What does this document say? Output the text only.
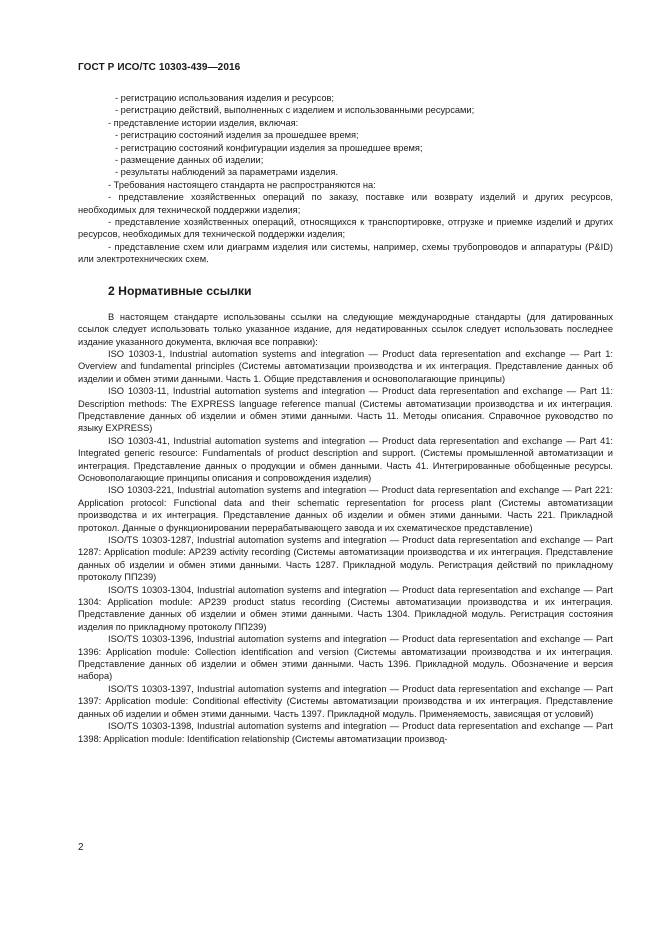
ГОСТ Р ИСО/ТС 10303-439—2016

- регистрацию использования изделия и ресурсов;

- регистрацию действий, выполненных с изделием и использованными ресурсами;

- представление истории изделия, включая:

- регистрацию состояний изделия за прошедшее время;

- регистрацию состояний конфигурации изделия за прошедшее время;

- размещение данных об изделии;

- результаты наблюдений за параметрами изделия.

- Требования настоящего стандарта не распространяются на:

- представление хозяйственных операций по заказу, поставке или возврату изделий и других ресурсов, необходимых для технической поддержки изделия;

- представление хозяйственных операций, относящихся к транспортировке, отгрузке и приемке изделий и других ресурсов, необходимых для технической поддержки изделия;

- представление схем или диаграмм изделия или системы, например, схемы трубопроводов и аппаратуры (P&ID) или электротехнических схем.

2 Нормативные ссылки

В настоящем стандарте использованы ссылки на следующие международные стандарты (для датированных ссылок следует использовать только указанное издание, для недатированных ссылок следует использовать последнее издание указанного документа, включая все поправки):

ISO 10303-1, Industrial automation systems and integration — Product data representation and exchange — Part 1: Overview and fundamental principles (Системы автоматизации производства и их интеграция. Представление данных об изделии и обмен этими данными. Часть 1. Общие представления и основополагающие принципы)

ISO 10303-11, Industrial automation systems and integration — Product data representation and exchange — Part 11: Description methods: The EXPRESS language reference manual (Системы автоматизации производства и их интеграция. Представление данных об изделии и обмен этими данными. Часть 11. Методы описания. Справочное руководство по языку EXPRESS)

ISO 10303-41, Industrial automation systems and integration — Product data representation and exchange — Part 41: Integrated generic resource: Fundamentals of product description and support. (Системы промышленной автоматизации и интеграция. Представление данных о продукции и обмен данными. Часть 41. Интегрированные обобщенные ресурсы. Основополагающие принципы описания и сопровождения изделия)

ISO 10303-221, Industrial automation systems and integration — Product data representation and exchange — Part 221: Application protocol: Functional data and their schematic representation for process plant (Системы автоматизации производства и их интеграция. Представление данных об изделии и обмен этими данными. Часть 221. Прикладной протокол. Данные о функционировании перерабатывающего завода и их схематическое представление)

ISO/TS 10303-1287, Industrial automation systems and integration — Product data representation and exchange — Part 1287: Application module: AP239 activity recording (Системы автоматизации производства и их интеграция. Представление данных об изделии и обмен этими данными. Часть 1287. Прикладной модуль. Регистрация действий по прикладному протоколу ПП239)

ISO/TS 10303-1304, Industrial automation systems and integration — Product data representation and exchange — Part 1304: Application module: AP239 product status recording (Системы автоматизации производства и их интеграция. Представление данных об изделии и обмен этими данными. Часть 1304. Прикладной модуль. Регистрация состояния изделия по прикладному протоколу ПП239)

ISO/TS 10303-1396, Industrial automation systems and integration — Product data representation and exchange — Part 1396: Application module: Collection identification and version (Системы автоматизации производства и их интеграция. Представление данных об изделии и обмен этими данными. Часть 1396. Прикладной модуль. Обозначение и версия набора)

ISO/TS 10303-1397, Industrial automation systems and integration — Product data representation and exchange — Part 1397: Application module: Conditional effectivity (Системы автоматизации производства и их интеграция. Представление данных об изделии и обмен этими данными. Часть 1397. Прикладной модуль. Применяемость, зависящая от условий)

ISO/TS 10303-1398, Industrial automation systems and integration — Product data representation and exchange — Part 1398: Application module: Identification relationship (Системы автоматизации производ-

2
